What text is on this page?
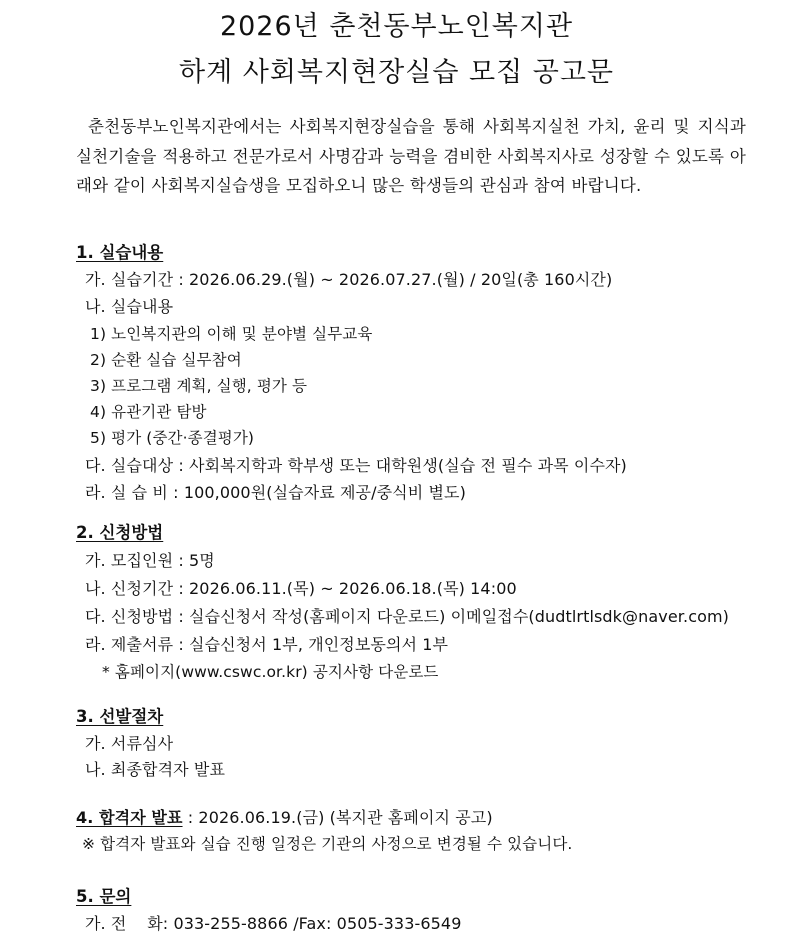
2026년 춘천동부노인복지관
하계 사회복지현장실습 모집 공고문
춘천동부노인복지관에서는 사회복지현장실습을 통해 사회복지실천 가치, 윤리 및 지식과 실천기술을 적용하고 전문가로서 사명감과 능력을 겸비한 사회복지사로 성장할 수 있도록 아래와 같이 사회복지실습생을 모집하오니 많은 학생들의 관심과 참여 바랍니다.
1. 실습내용
가. 실습기간 : 2026.06.29.(월) ~ 2026.07.27.(월) / 20일(총 160시간)
나. 실습내용
1) 노인복지관의 이해 및 분야별 실무교육
2) 순환 실습 실무참여
3) 프로그램 계획, 실행, 평가 등
4) 유관기관 탐방
5) 평가 (중간·종결평가)
다. 실습대상 : 사회복지학과 학부생 또는 대학원생(실습 전 필수 과목 이수자)
라. 실 습 비 : 100,000원(실습자료 제공/중식비 별도)
2. 신청방법
가. 모집인원 : 5명
나. 신청기간 : 2026.06.11.(목) ~ 2026.06.18.(목) 14:00
다. 신청방법 : 실습신청서 작성(홈페이지 다운로드) 이메일접수(dudtlrtlsdk@naver.com)
라. 제출서류 : 실습신청서 1부, 개인정보동의서 1부
* 홈페이지(www.cswc.or.kr) 공지사항 다운로드
3. 선발절차
가. 서류심사
나. 최종합격자 발표
4. 합격자 발표 : 2026.06.19.(금) (복지관 홈페이지 공고)
※ 합격자 발표와 실습 진행 일정은 기관의 사정으로 변경될 수 있습니다.
5. 문의
가. 전    화: 033-255-8866 /Fax: 0505-333-6549
